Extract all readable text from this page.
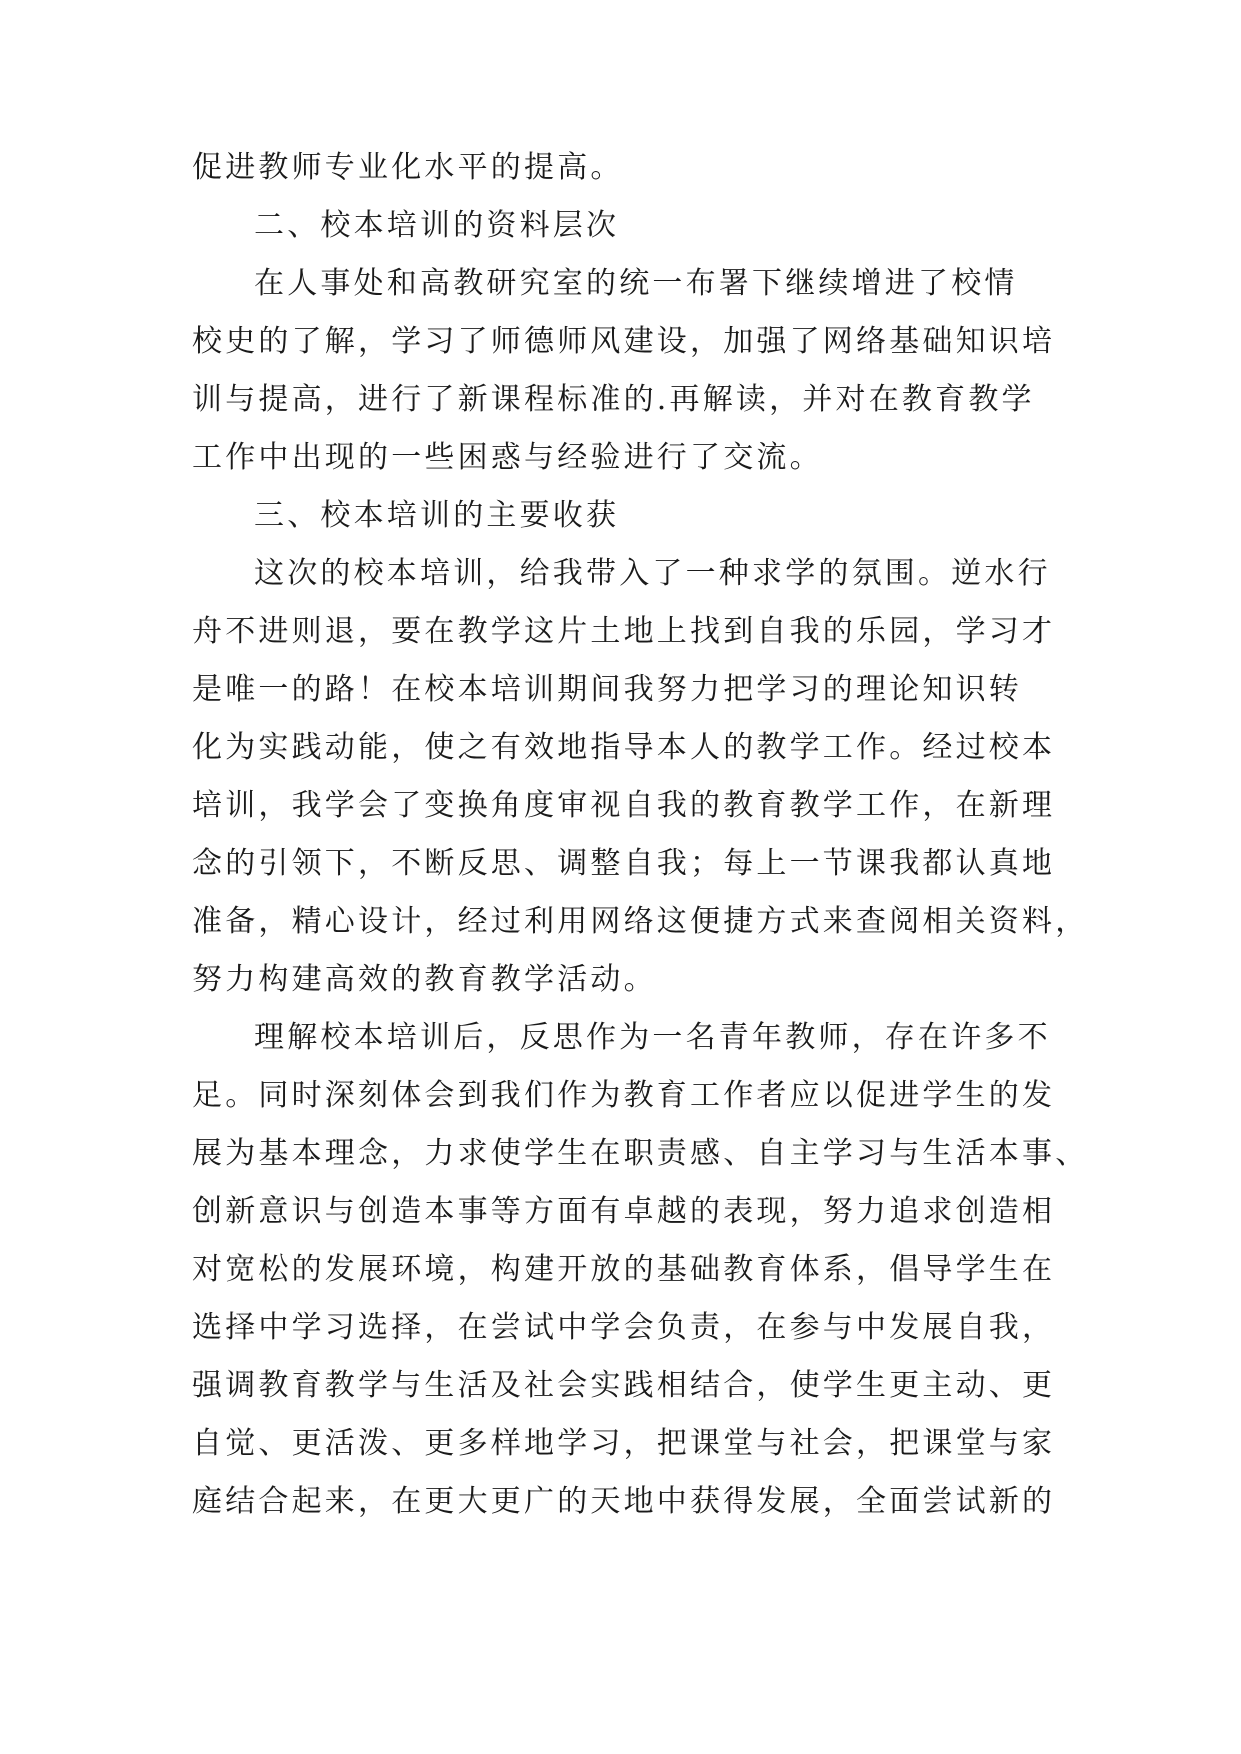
促进教师专业化水平的提高。
二、校本培训的资料层次
在人事处和高教研究室的统一布署下继续增进了校情
校史的了解，学习了师德师风建设，加强了网络基础知识培
训与提高，进行了新课程标准的.再解读，并对在教育教学
工作中出现的一些困惑与经验进行了交流。
三、校本培训的主要收获
这次的校本培训，给我带入了一种求学的氛围。逆水行
舟不进则退，要在教学这片土地上找到自我的乐园，学习才
是唯一的路！在校本培训期间我努力把学习的理论知识转
化为实践动能，使之有效地指导本人的教学工作。经过校本
培训，我学会了变换角度审视自我的教育教学工作，在新理
念的引领下，不断反思、调整自我；每上一节课我都认真地
准备，精心设计，经过利用网络这便捷方式来查阅相关资料，
努力构建高效的教育教学活动。
理解校本培训后，反思作为一名青年教师，存在许多不
足。同时深刻体会到我们作为教育工作者应以促进学生的发
展为基本理念，力求使学生在职责感、自主学习与生活本事、
创新意识与创造本事等方面有卓越的表现，努力追求创造相
对宽松的发展环境，构建开放的基础教育体系，倡导学生在
选择中学习选择，在尝试中学会负责，在参与中发展自我，
强调教育教学与生活及社会实践相结合，使学生更主动、更
自觉、更活泼、更多样地学习，把课堂与社会，把课堂与家
庭结合起来，在更大更广的天地中获得发展，全面尝试新的
